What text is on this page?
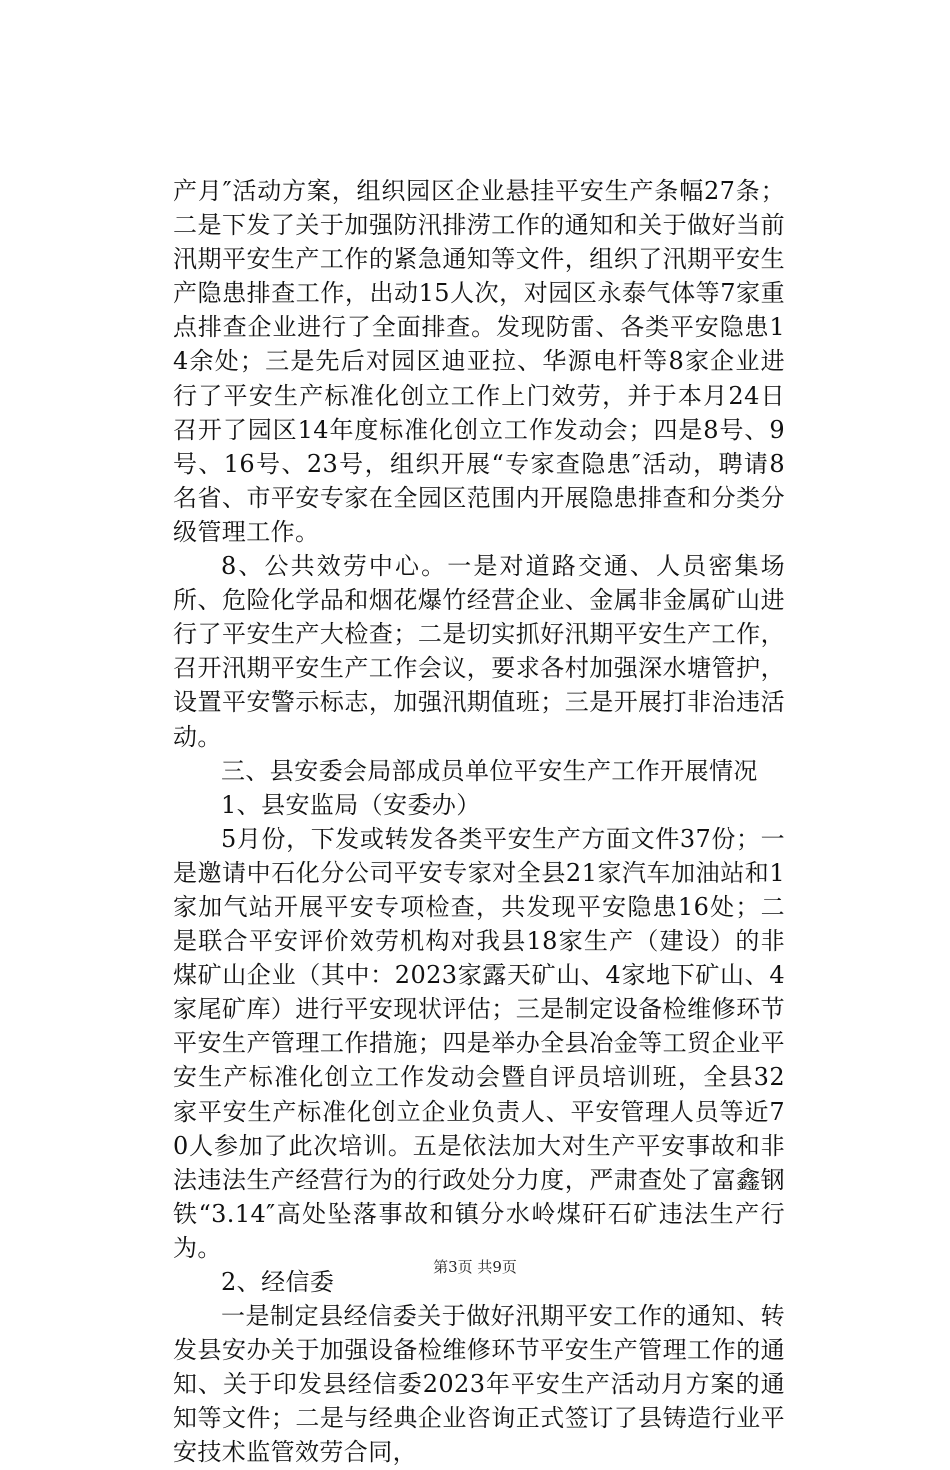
产月″活动方案，组织园区企业悬挂平安生产条幅27条；二是下发了关于加强防汛排涝工作的通知和关于做好当前汛期平安生产工作的紧急通知等文件，组织了汛期平安生产隐患排查工作，出动15人次，对园区永泰气体等7家重点排查企业进行了全面排查。发现防雷、各类平安隐患14余处；三是先后对园区迪亚拉、华源电杆等8家企业进行了平安生产标准化创立工作上门效劳，并于本月24日召开了园区14年度标准化创立工作发动会；四是8号、9号、16号、23号，组织开展“专家查隐患″活动，聘请8名省、市平安专家在全园区范围内开展隐患排查和分类分级管理工作。

8、公共效劳中心。一是对道路交通、人员密集场所、危险化学品和烟花爆竹经营企业、金属非金属矿山进行了平安生产大检查；二是切实抓好汛期平安生产工作，召开汛期平安生产工作会议，要求各村加强深水塘管护，设置平安警示标志，加强汛期值班；三是开展打非治违活动。

三、县安委会局部成员单位平安生产工作开展情况

1、县安监局（安委办）

5月份，下发或转发各类平安生产方面文件37份；一是邀请中石化分公司平安专家对全县21家汽车加油站和1家加气站开展平安专项检查，共发现平安隐患16处；二是联合平安评价效劳机构对我县18家生产（建设）的非煤矿山企业（其中：2023家露天矿山、4家地下矿山、4家尾矿库）进行平安现状评估；三是制定设备检维修环节平安生产管理工作措施；四是举办全县冶金等工贸企业平安生产标准化创立工作发动会暨自评员培训班，全县32家平安生产标准化创立企业负责人、平安管理人员等近70人参加了此次培训。五是依法加大对生产平安事故和非法违法生产经营行为的行政处分力度，严肃查处了富鑫钢铁“3.14″高处坠落事故和镇分水岭煤矸石矿违法生产行为。

2、经信委

一是制定县经信委关于做好汛期平安工作的通知、转发县安办关于加强设备检维修环节平安生产管理工作的通知、关于印发县经信委2023年平安生产活动月方案的通知等文件；二是与经典企业咨询正式签订了县铸造行业平安技术监管效劳合同，

第3页 共9页
